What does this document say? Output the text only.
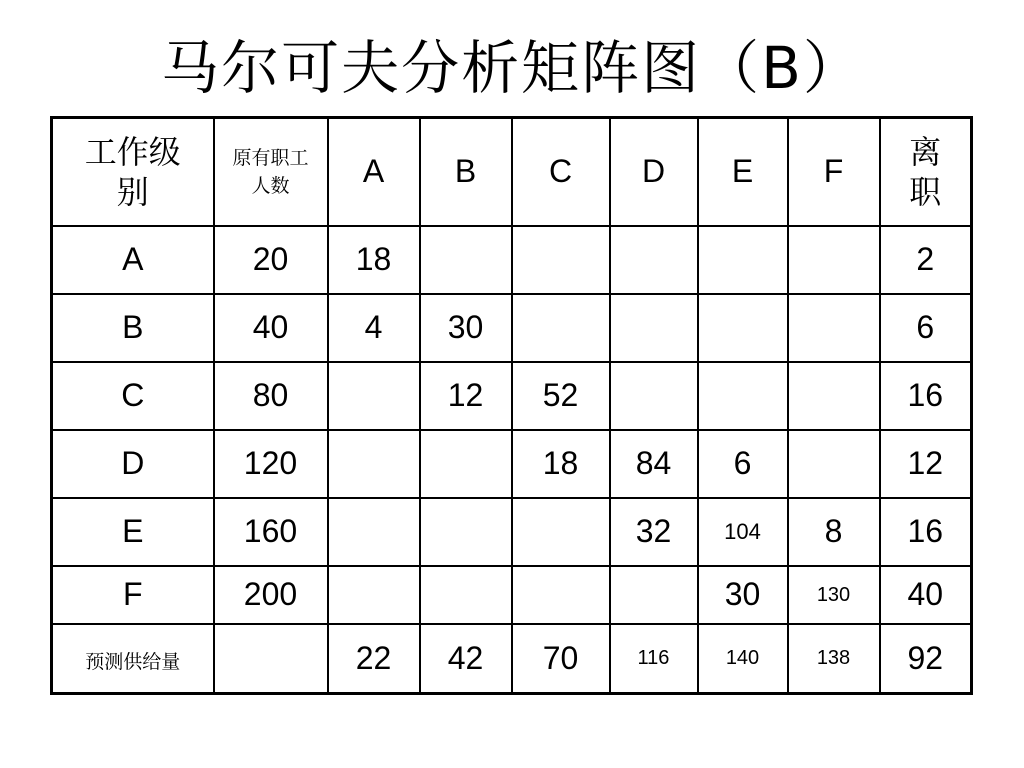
马尔可夫分析矩阵图（B）
工作级别	原有职工人数	A	B	C	D	E	F	离职
A	20	18						2
B	40	4	30					6
C	80		12	52				16
D	120			18	84	6		12
E	160				32	104	8	16
F	200					30	130	40
预测供给量		22	42	70	116	140	138	92
